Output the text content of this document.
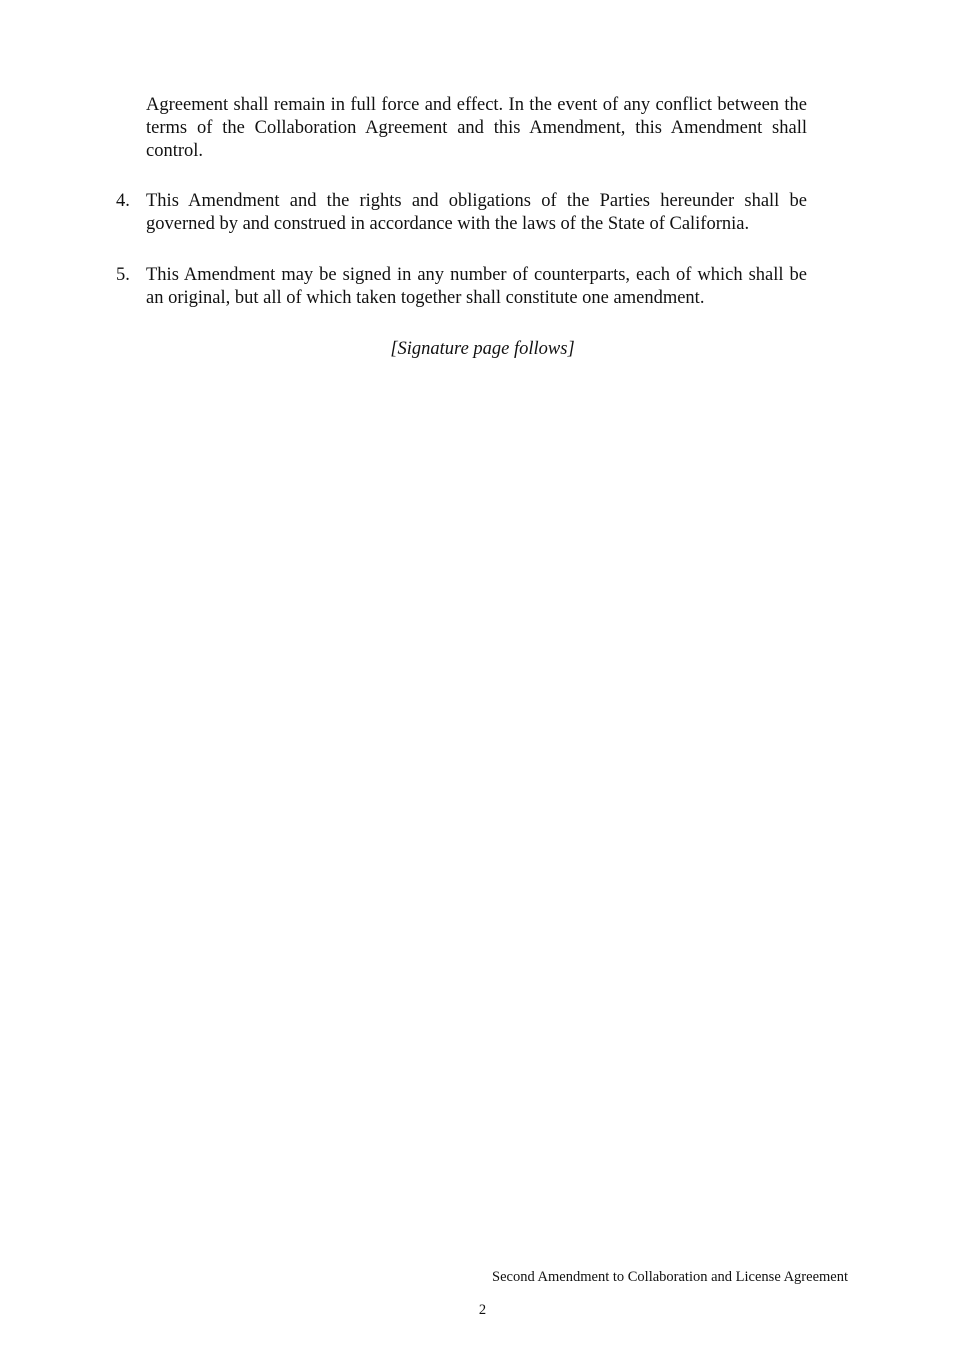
Agreement shall remain in full force and effect. In the event of any conflict between the terms of the Collaboration Agreement and this Amendment, this Amendment shall control.
4. This Amendment and the rights and obligations of the Parties hereunder shall be governed by and construed in accordance with the laws of the State of California.
5. This Amendment may be signed in any number of counterparts, each of which shall be an original, but all of which taken together shall constitute one amendment.
[Signature page follows]
Second Amendment to Collaboration and License Agreement
2
